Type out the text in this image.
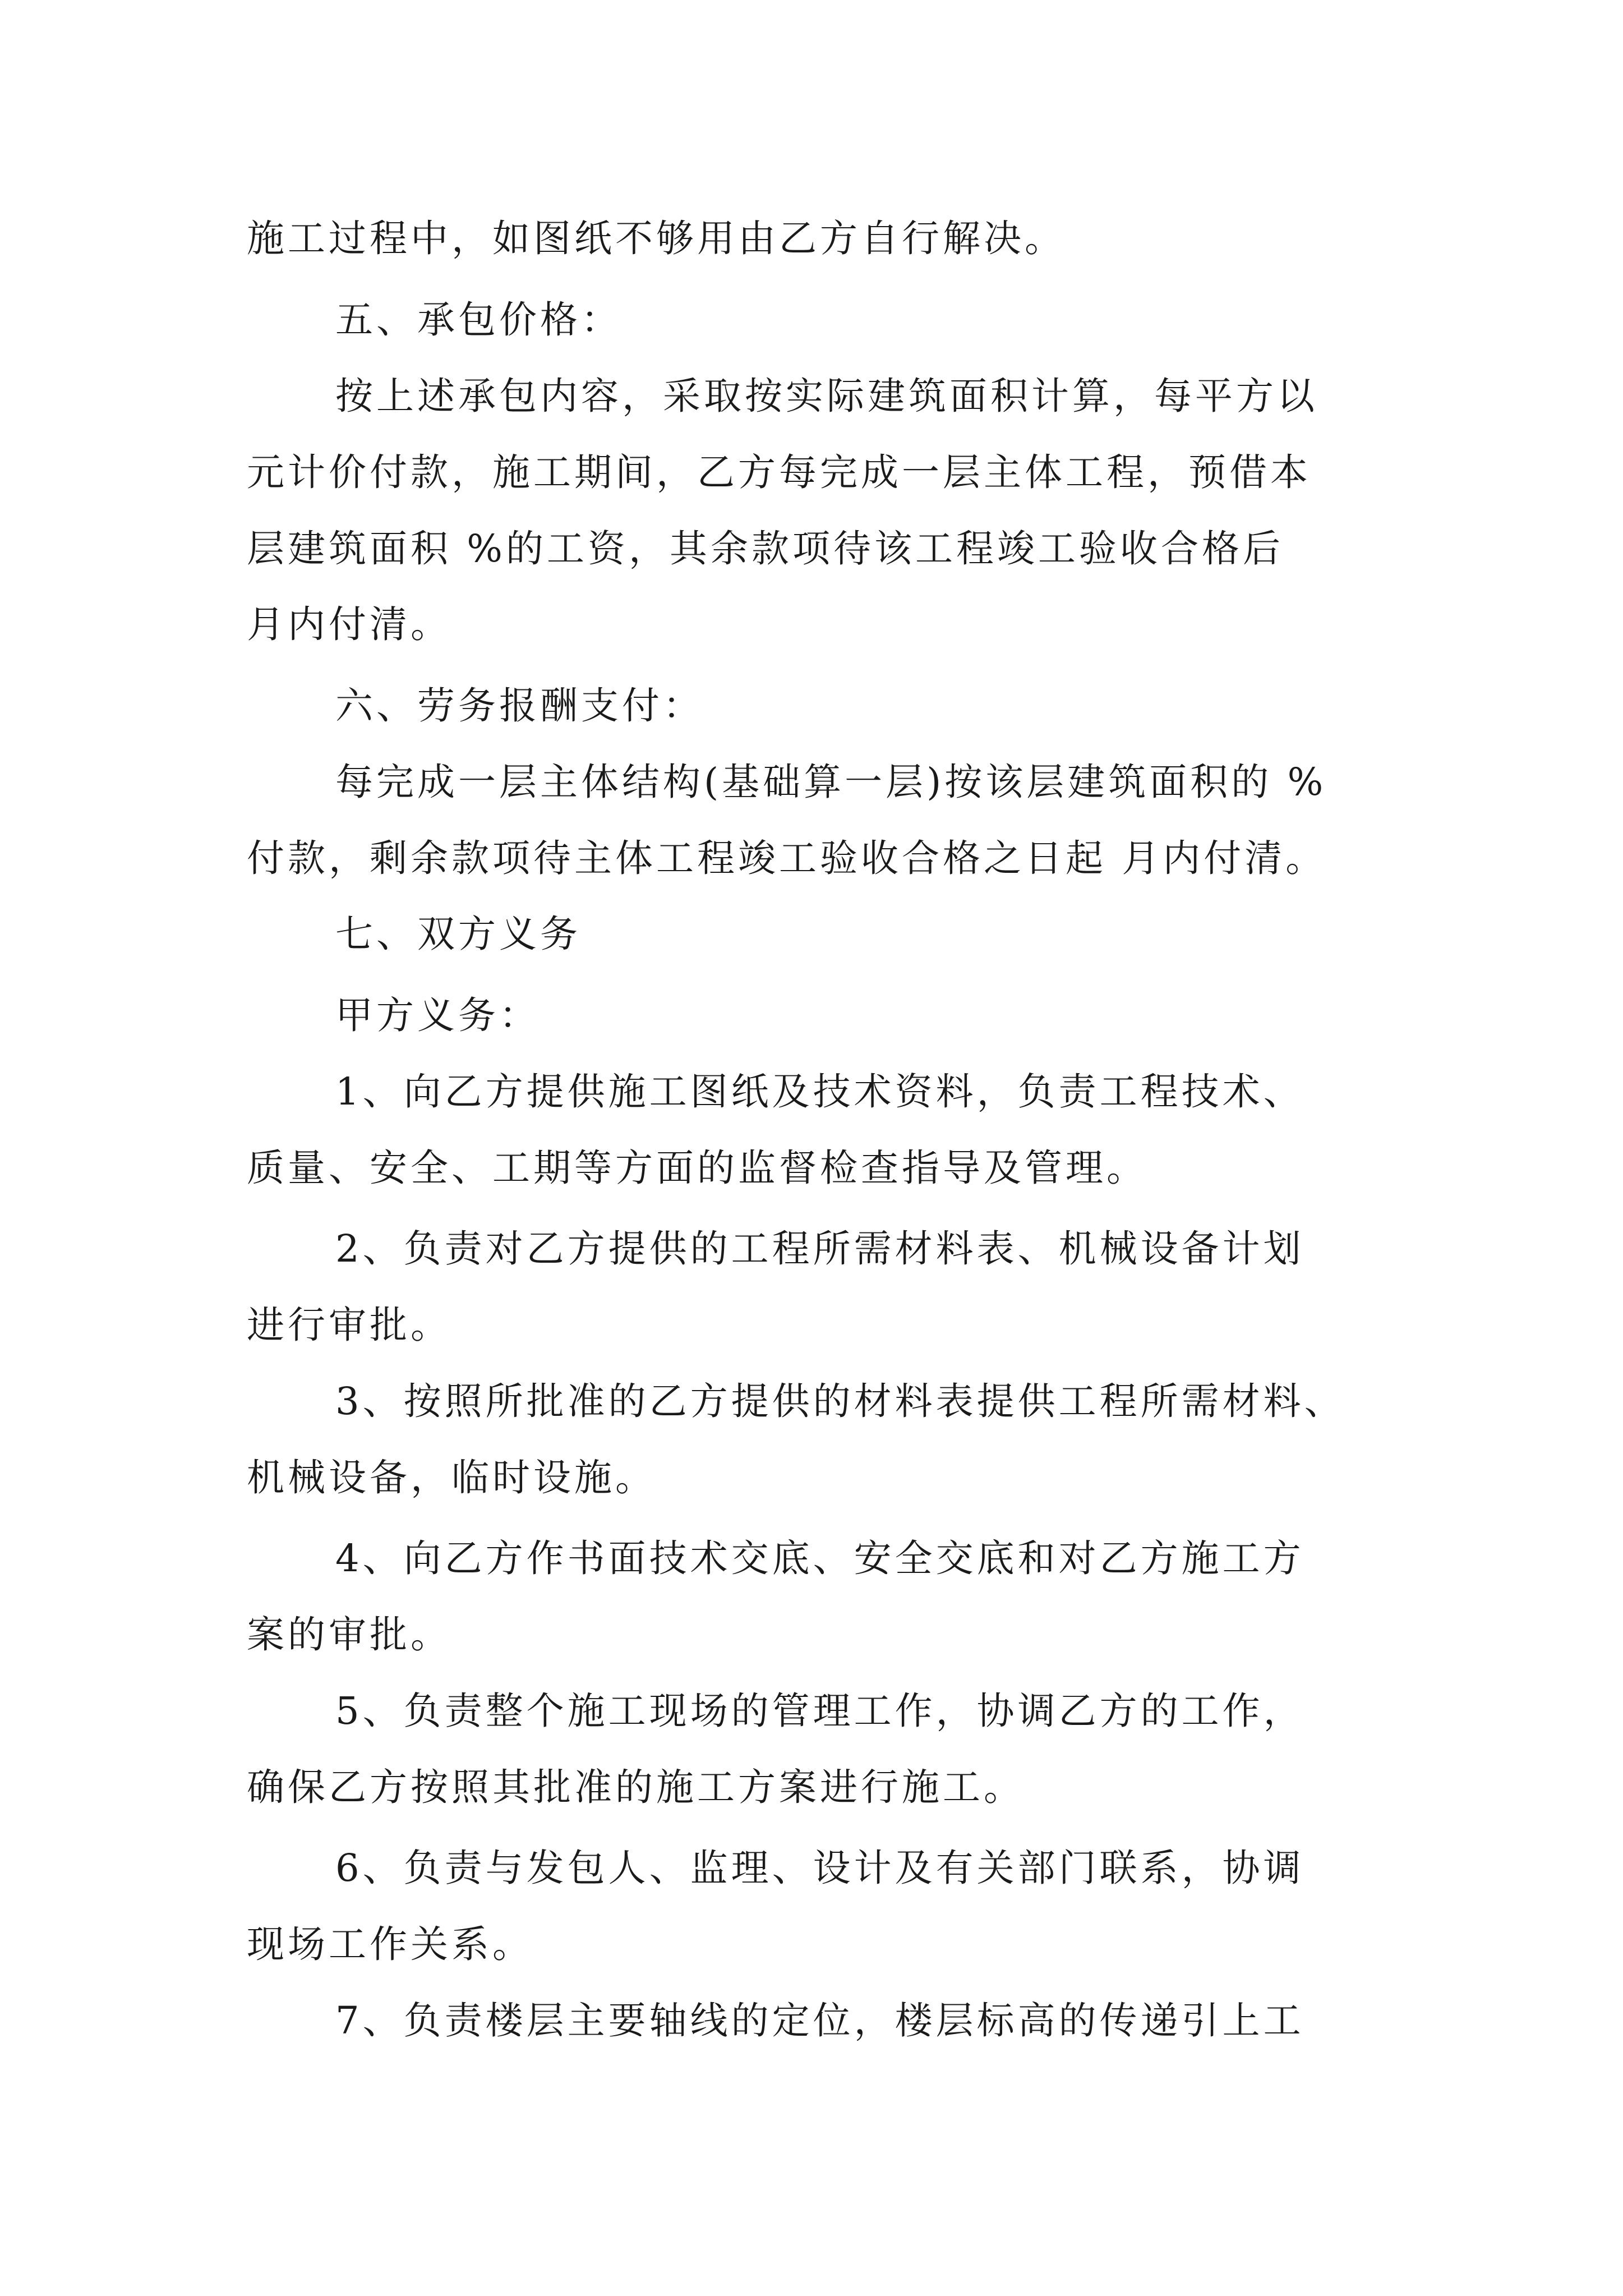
施工过程中，如图纸不够用由乙方自行解决。
五、承包价格：
按上述承包内容，采取按实际建筑面积计算，每平方以
元计价付款，施工期间，乙方每完成一层主体工程，预借本
层建筑面积 %的工资，其余款项待该工程竣工验收合格后
月内付清。
六、劳务报酬支付：
每完成一层主体结构(基础算一层)按该层建筑面积的 %
付款，剩余款项待主体工程竣工验收合格之日起 月内付清。
七、双方义务
甲方义务：
1、向乙方提供施工图纸及技术资料，负责工程技术、
质量、安全、工期等方面的监督检查指导及管理。
2、负责对乙方提供的工程所需材料表、机械设备计划
进行审批。
3、按照所批准的乙方提供的材料表提供工程所需材料、
机械设备，临时设施。
4、向乙方作书面技术交底、安全交底和对乙方施工方
案的审批。
5、负责整个施工现场的管理工作，协调乙方的工作，
确保乙方按照其批准的施工方案进行施工。
6、负责与发包人、监理、设计及有关部门联系，协调
现场工作关系。
7、负责楼层主要轴线的定位，楼层标高的传递引上工
